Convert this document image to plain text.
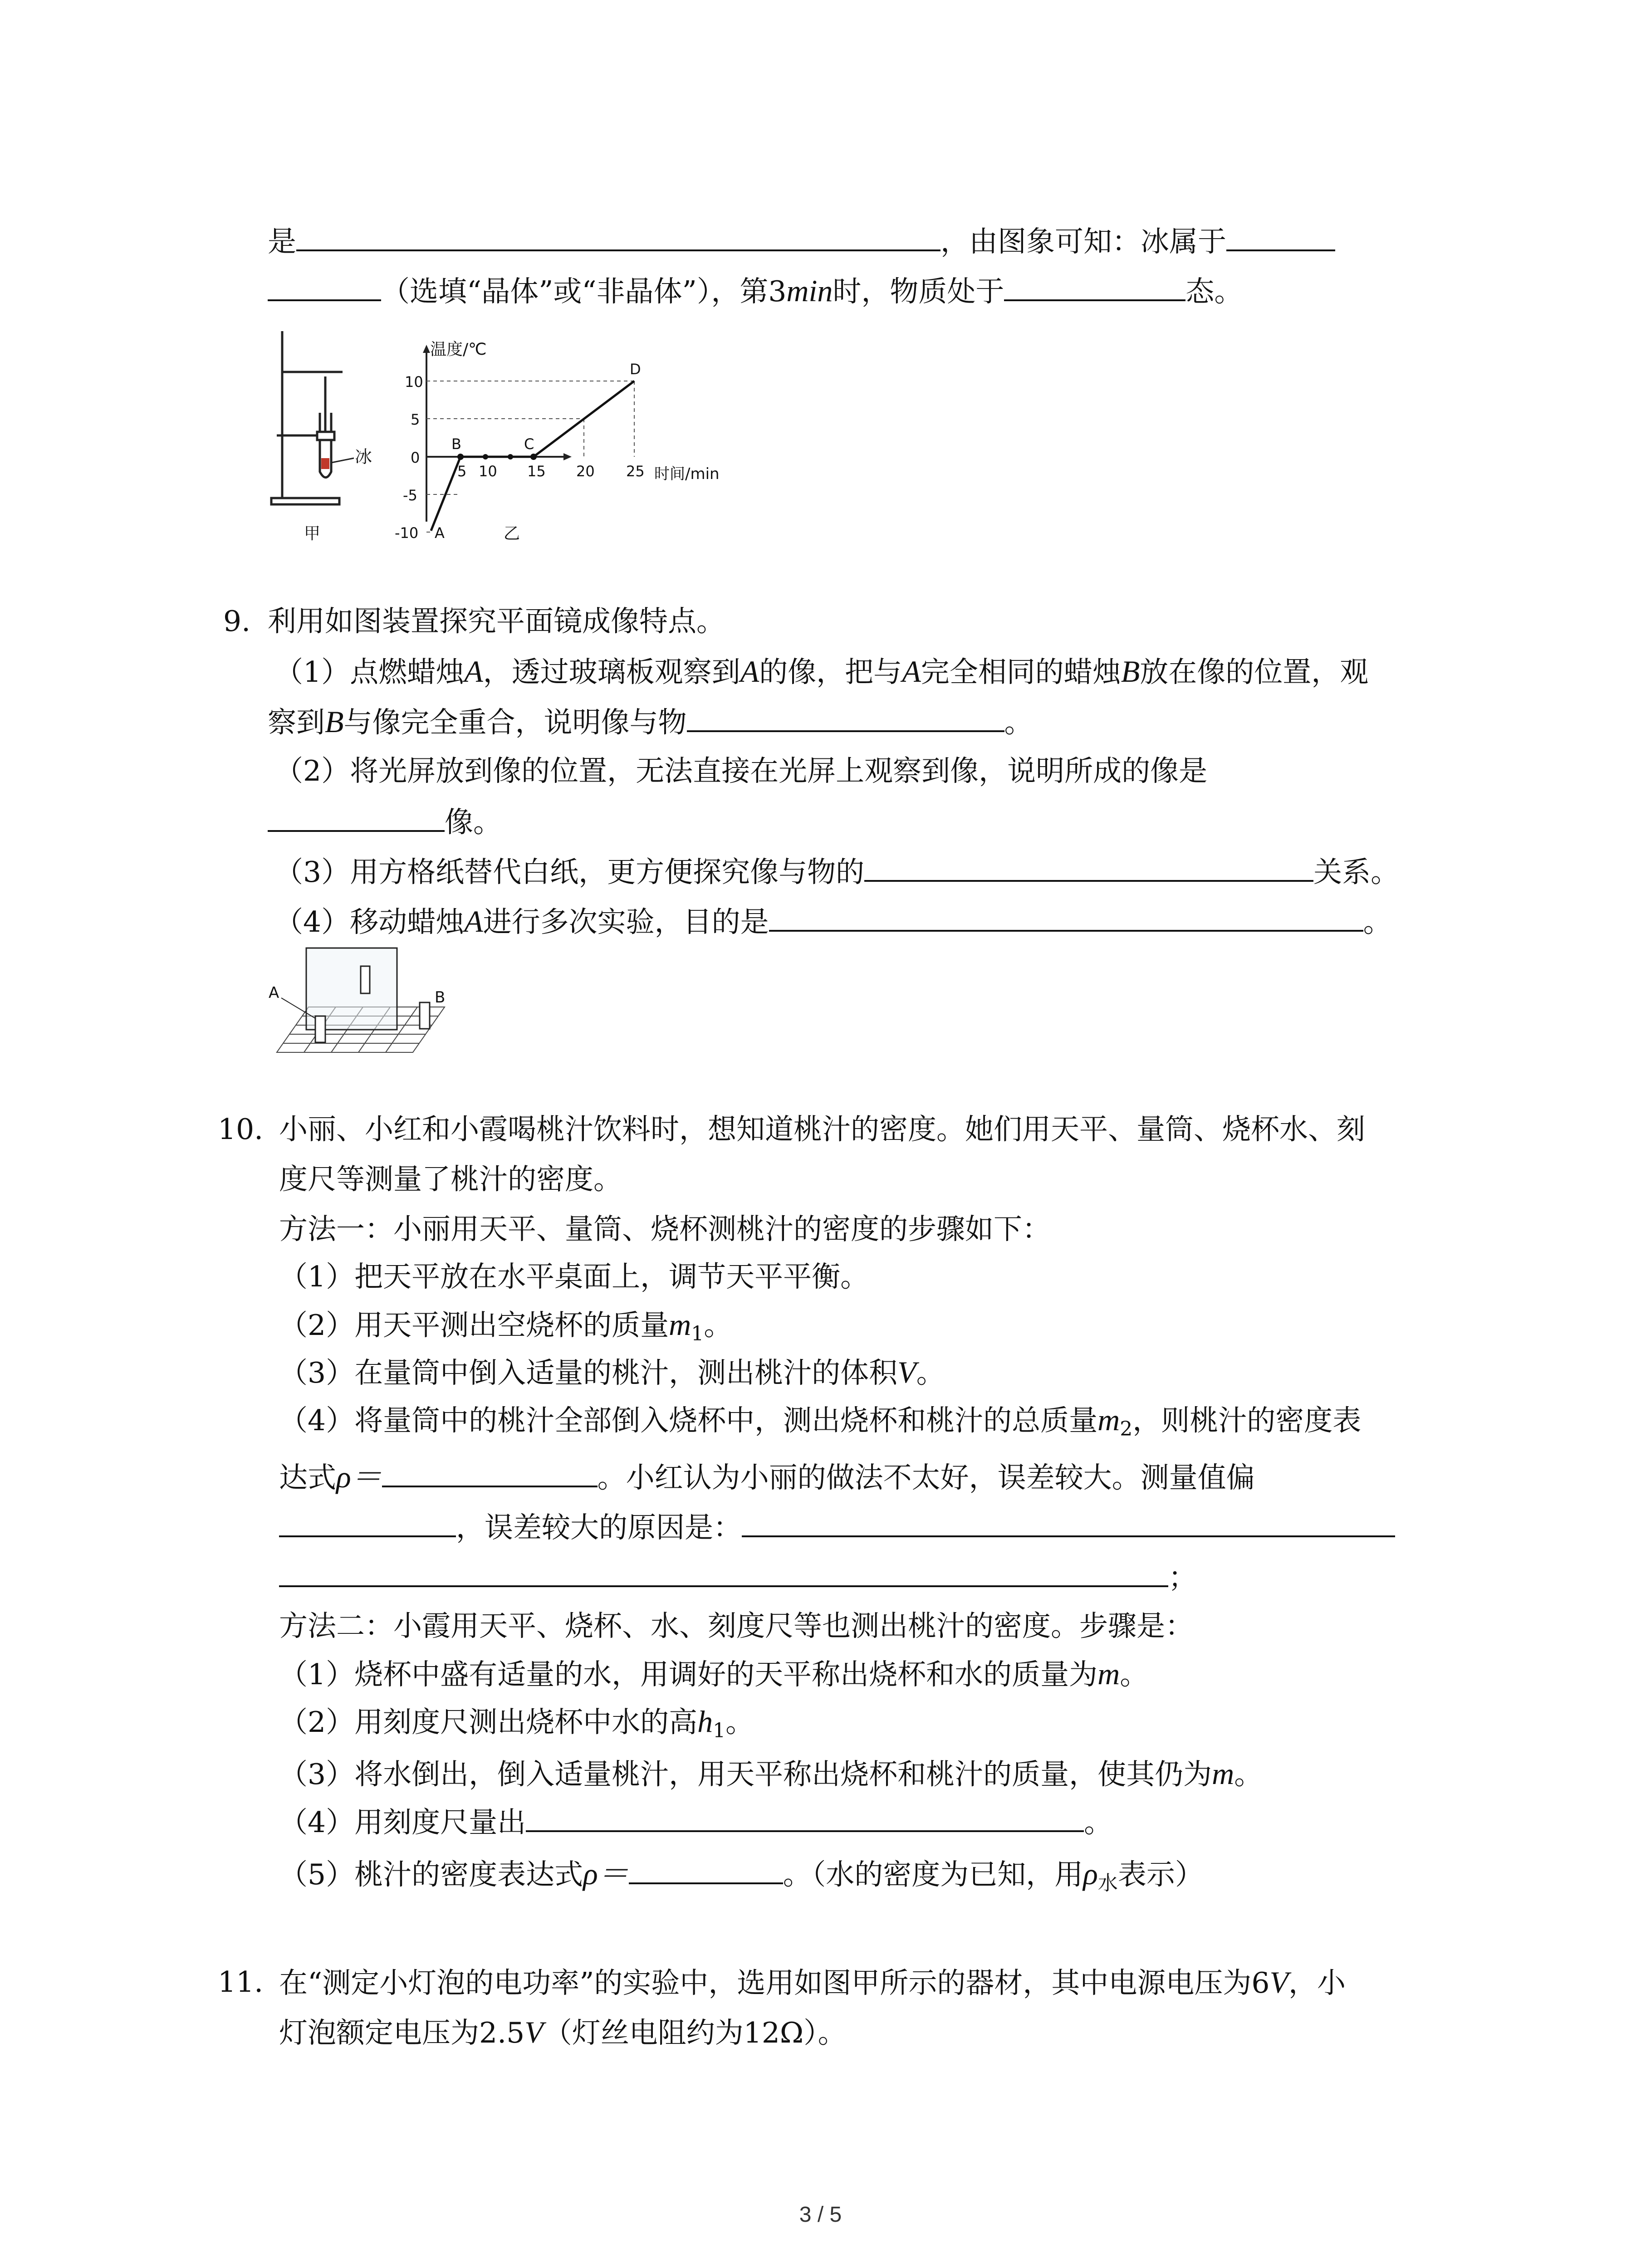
是	，由图象可知：冰属于
（选填“晶体”或“非晶体”），第3min时，物质处于	态。
冰
甲
温度/℃
时间/min
10
5
0
-5
-10
5 10 15 20 25
A
B	C
D
乙
9. 利用如图装置探究平面镜成像特点。
（1）点燃蜡烛A，透过玻璃板观察到A的像，把与A完全相同的蜡烛B放在像的位置，观
察到B与像完全重合，说明像与物	。
（2）将光屏放到像的位置，无法直接在光屏上观察到像，说明所成的像是
像。
（3）用方格纸替代白纸，更方便探究像与物的	关系。
（4）移动蜡烛A进行多次实验，目的是	。
A	B
10. 小丽、小红和小霞喝桃汁饮料时，想知道桃汁的密度。她们用天平、量筒、烧杯水、刻
度尺等测量了桃汁的密度。
方法一：小丽用天平、量筒、烧杯测桃汁的密度的步骤如下：
（1）把天平放在水平桌面上，调节天平平衡。
（2）用天平测出空烧杯的质量$m_1$。
（3）在量筒中倒入适量的桃汁，测出桃汁的体积V。
（4）将量筒中的桃汁全部倒入烧杯中，测出烧杯和桃汁的总质量$m_2$，则桃汁的密度表
达式ρ＝	。小红认为小丽的做法不太好，误差较大。测量值偏
，误差较大的原因是：
；
方法二：小霞用天平、烧杯、水、刻度尺等也测出桃汁的密度。步骤是：
（1）烧杯中盛有适量的水，用调好的天平称出烧杯和水的质量为m。
（2）用刻度尺测出烧杯中水的高$h_1$。
（3）将水倒出，倒入适量桃汁，用天平称出烧杯和桃汁的质量，使其仍为m。
（4）用刻度尺量出	。
（5）桃汁的密度表达式ρ＝	。（水的密度为已知，用$\rho_水$表示）
11. 在“测定小灯泡的电功率”的实验中，选用如图甲所示的器材，其中电源电压为6V，小
灯泡额定电压为2.5V（灯丝电阻约为12Ω）。
3 / 5
